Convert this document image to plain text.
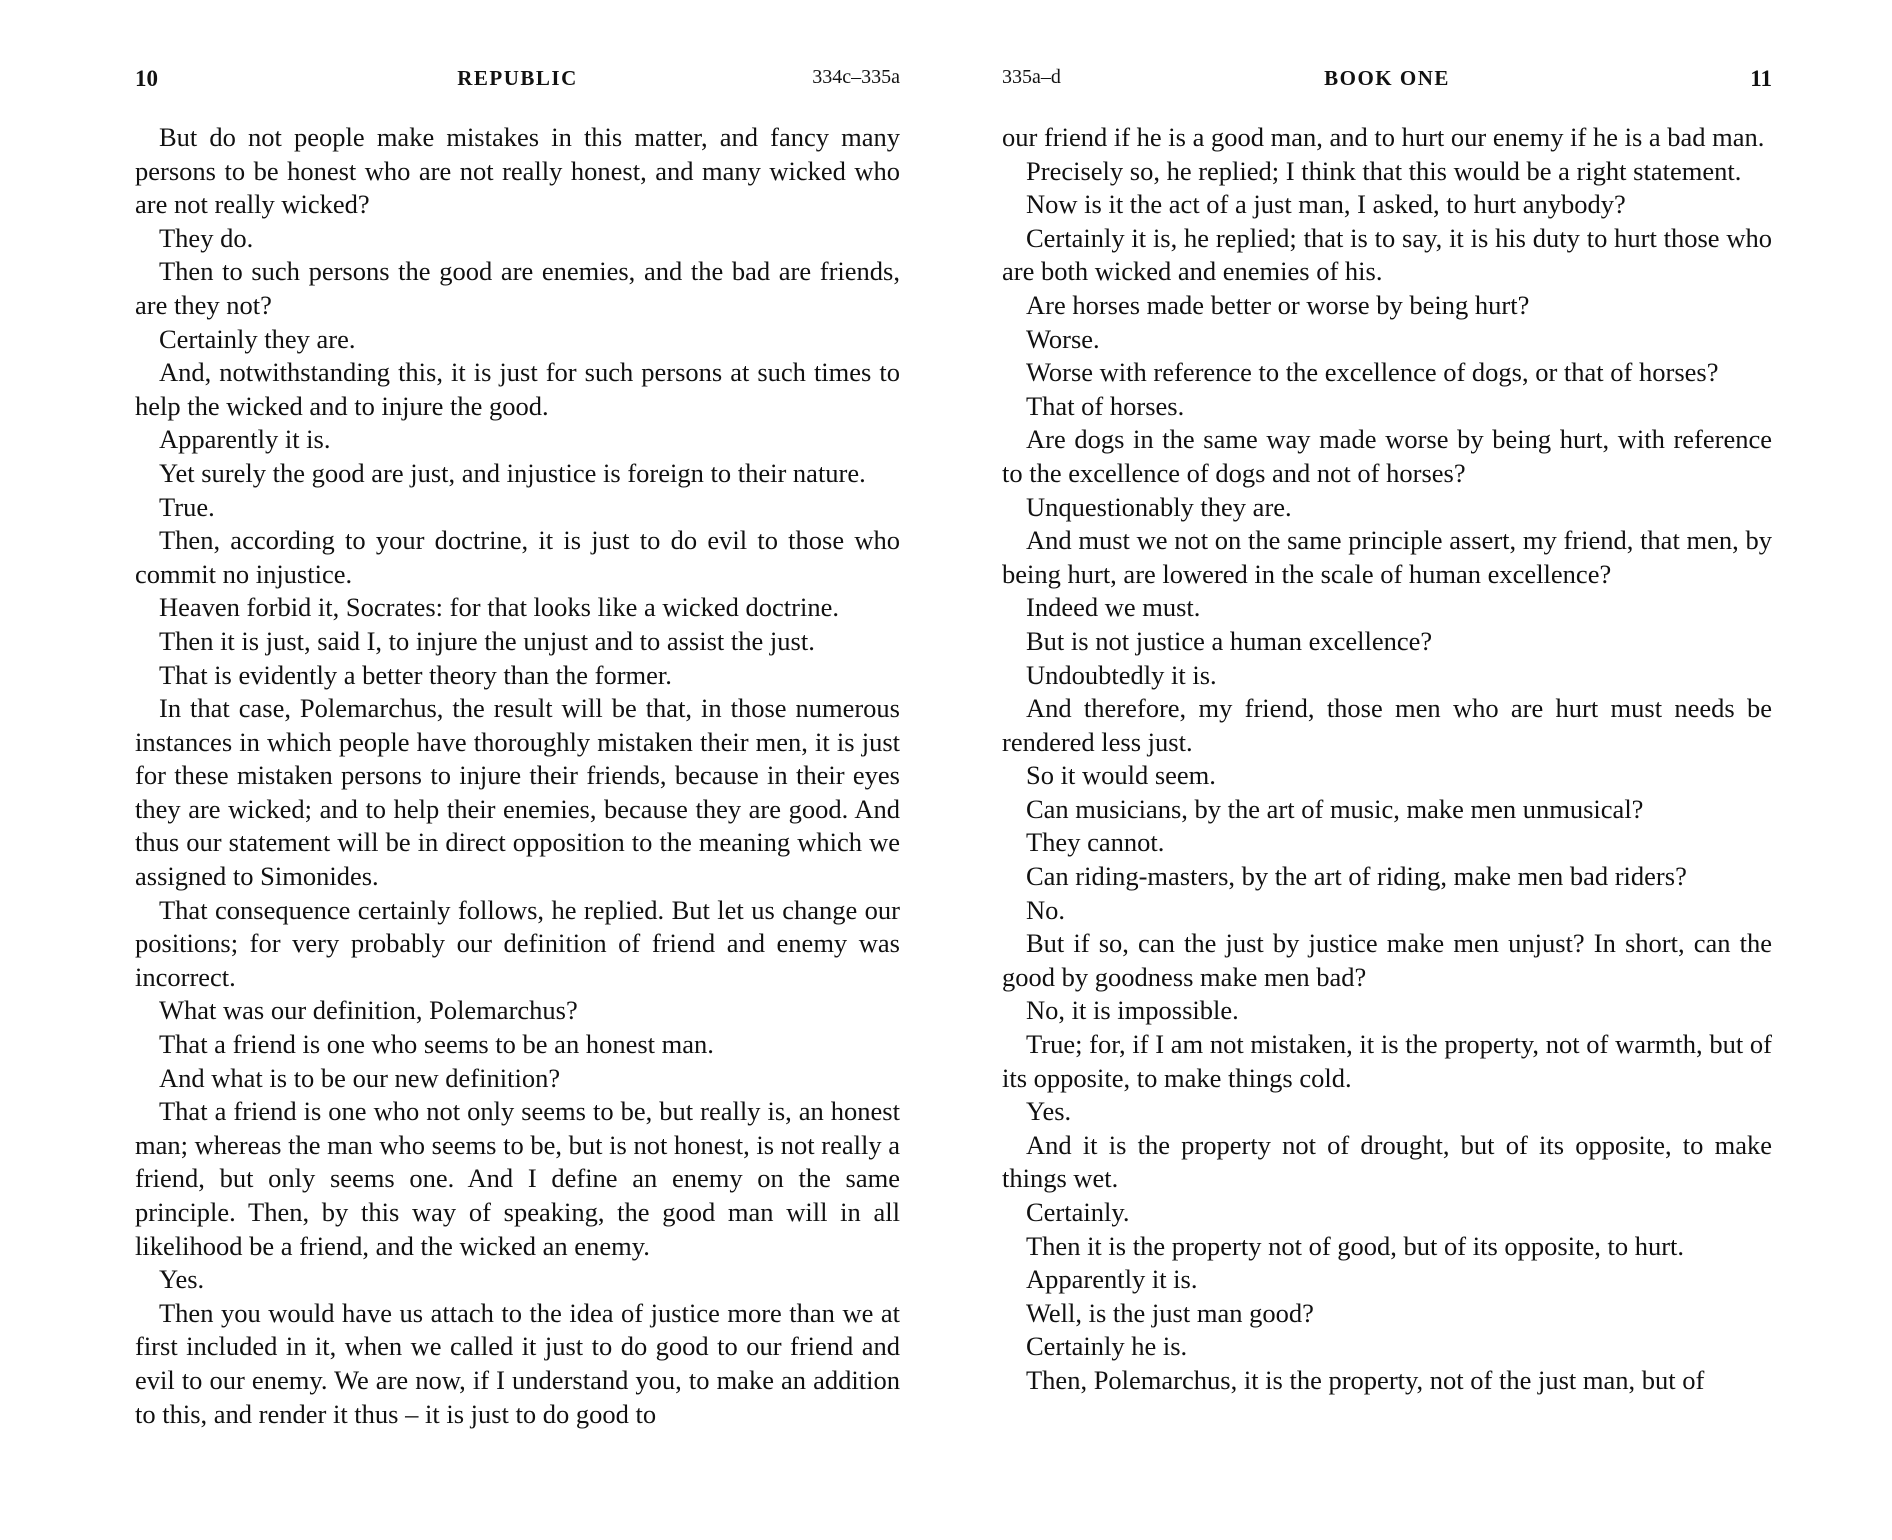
10	REPUBLIC	334c–335a

But do not people make mistakes in this matter, and fancy many persons to be honest who are not really honest, and many wicked who are not really wicked?

They do.

Then to such persons the good are enemies, and the bad are friends, are they not?

Certainly they are.

And, notwithstanding this, it is just for such persons at such times to help the wicked and to injure the good.

Apparently it is.

Yet surely the good are just, and injustice is foreign to their nature.

True.

Then, according to your doctrine, it is just to do evil to those who commit no injustice.

Heaven forbid it, Socrates: for that looks like a wicked doctrine.

Then it is just, said I, to injure the unjust and to assist the just.

That is evidently a better theory than the former.

In that case, Polemarchus, the result will be that, in those numerous instances in which people have thoroughly mistaken their men, it is just for these mistaken persons to injure their friends, because in their eyes they are wicked; and to help their enemies, because they are good. And thus our statement will be in direct opposition to the meaning which we assigned to Simonides.

That consequence certainly follows, he replied. But let us change our positions; for very probably our definition of friend and enemy was incorrect.

What was our definition, Polemarchus?

That a friend is one who seems to be an honest man.

And what is to be our new definition?

That a friend is one who not only seems to be, but really is, an honest man; whereas the man who seems to be, but is not honest, is not really a friend, but only seems one. And I define an enemy on the same principle. Then, by this way of speaking, the good man will in all likelihood be a friend, and the wicked an enemy.

Yes.

Then you would have us attach to the idea of justice more than we at first included in it, when we called it just to do good to our friend and evil to our enemy. We are now, if I understand you, to make an addition to this, and render it thus – it is just to do good to

335a–d	BOOK ONE	11

our friend if he is a good man, and to hurt our enemy if he is a bad man.

Precisely so, he replied; I think that this would be a right statement.

Now is it the act of a just man, I asked, to hurt anybody?

Certainly it is, he replied; that is to say, it is his duty to hurt those who are both wicked and enemies of his.

Are horses made better or worse by being hurt?

Worse.

Worse with reference to the excellence of dogs, or that of horses?

That of horses.

Are dogs in the same way made worse by being hurt, with reference to the excellence of dogs and not of horses?

Unquestionably they are.

And must we not on the same principle assert, my friend, that men, by being hurt, are lowered in the scale of human excellence?

Indeed we must.

But is not justice a human excellence?

Undoubtedly it is.

And therefore, my friend, those men who are hurt must needs be rendered less just.

So it would seem.

Can musicians, by the art of music, make men unmusical?

They cannot.

Can riding-masters, by the art of riding, make men bad riders?

No.

But if so, can the just by justice make men unjust? In short, can the good by goodness make men bad?

No, it is impossible.

True; for, if I am not mistaken, it is the property, not of warmth, but of its opposite, to make things cold.

Yes.

And it is the property not of drought, but of its opposite, to make things wet.

Certainly.

Then it is the property not of good, but of its opposite, to hurt.

Apparently it is.

Well, is the just man good?

Certainly he is.

Then, Polemarchus, it is the property, not of the just man, but of
